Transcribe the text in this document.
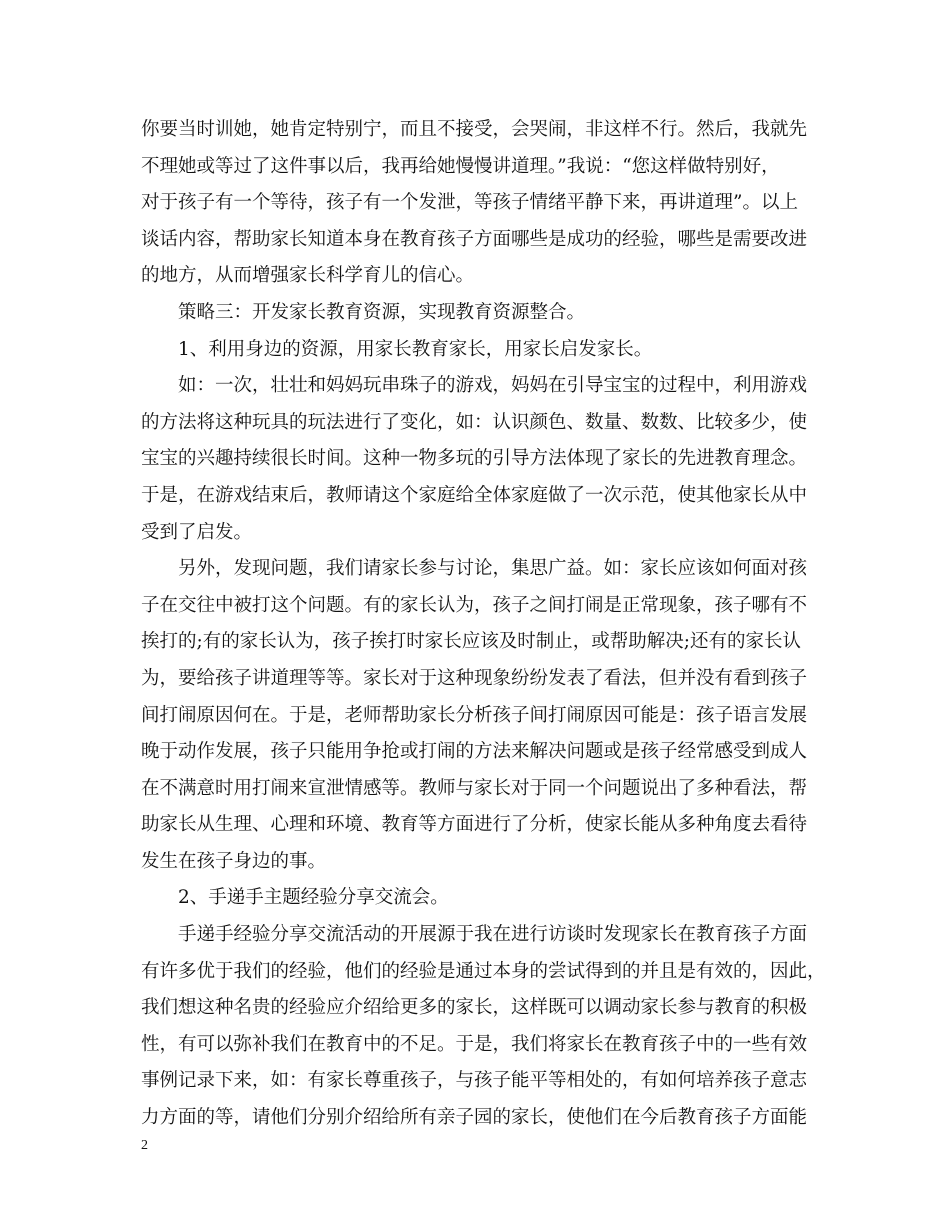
你要当时训她，她肯定特别宁，而且不接受，会哭闹，非这样不行。然后，我就先
不理她或等过了这件事以后，我再给她慢慢讲道理。”我说：“您这样做特别好，
对于孩子有一个等待，孩子有一个发泄，等孩子情绪平静下来，再讲道理”。以上
谈话内容，帮助家长知道本身在教育孩子方面哪些是成功的经验，哪些是需要改进
的地方，从而增强家长科学育儿的信心。
策略三：开发家长教育资源，实现教育资源整合。
1、利用身边的资源，用家长教育家长，用家长启发家长。
如：一次，壮壮和妈妈玩串珠子的游戏，妈妈在引导宝宝的过程中，利用游戏
的方法将这种玩具的玩法进行了变化，如：认识颜色、数量、数数、比较多少，使
宝宝的兴趣持续很长时间。这种一物多玩的引导方法体现了家长的先进教育理念。
于是，在游戏结束后，教师请这个家庭给全体家庭做了一次示范，使其他家长从中
受到了启发。
另外，发现问题，我们请家长参与讨论，集思广益。如：家长应该如何面对孩
子在交往中被打这个问题。有的家长认为，孩子之间打闹是正常现象，孩子哪有不
挨打的;有的家长认为，孩子挨打时家长应该及时制止，或帮助解决;还有的家长认
为，要给孩子讲道理等等。家长对于这种现象纷纷发表了看法，但并没有看到孩子
间打闹原因何在。于是，老师帮助家长分析孩子间打闹原因可能是：孩子语言发展
晚于动作发展，孩子只能用争抢或打闹的方法来解决问题或是孩子经常感受到成人
在不满意时用打闹来宣泄情感等。教师与家长对于同一个问题说出了多种看法，帮
助家长从生理、心理和环境、教育等方面进行了分析，使家长能从多种角度去看待
发生在孩子身边的事。
2、手递手主题经验分享交流会。
手递手经验分享交流活动的开展源于我在进行访谈时发现家长在教育孩子方面
有许多优于我们的经验，他们的经验是通过本身的尝试得到的并且是有效的，因此，
我们想这种名贵的经验应介绍给更多的家长，这样既可以调动家长参与教育的积极
性，有可以弥补我们在教育中的不足。于是，我们将家长在教育孩子中的一些有效
事例记录下来，如：有家长尊重孩子，与孩子能平等相处的，有如何培养孩子意志
力方面的等，请他们分别介绍给所有亲子园的家长，使他们在今后教育孩子方面能
2
